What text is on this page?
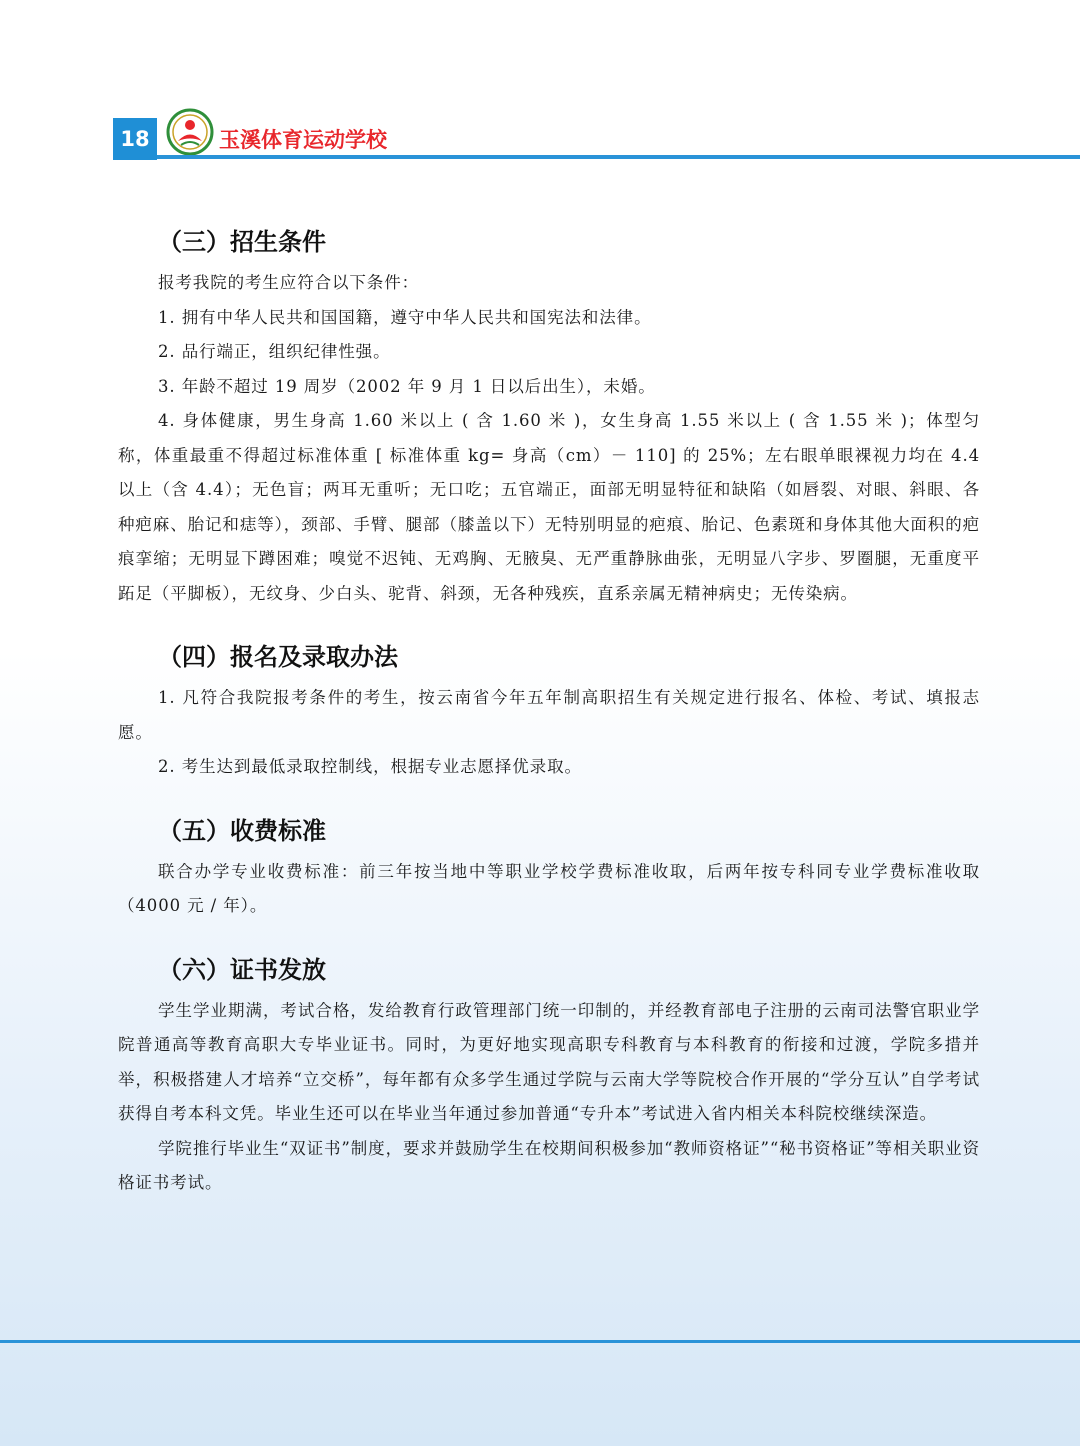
18	玉溪体育运动学校
（三）招生条件

报考我院的考生应符合以下条件：

1. 拥有中华人民共和国国籍，遵守中华人民共和国宪法和法律。

2. 品行端正，组织纪律性强。

3. 年龄不超过 19 周岁（2002 年 9 月 1 日以后出生），未婚。

4. 身体健康，男生身高 1.60 米以上 ( 含 1.60 米 )，女生身高 1.55 米以上 ( 含 1.55 米 )；体型匀称，体重最重不得超过标准体重 [ 标准体重 kg= 身高（cm）－ 110] 的 25%；左右眼单眼裸视力均在 4.4 以上（含 4.4）；无色盲；两耳无重听；无口吃；五官端正，面部无明显特征和缺陷（如唇裂、对眼、斜眼、各种疤麻、胎记和痣等），颈部、手臂、腿部（膝盖以下）无特别明显的疤痕、胎记、色素斑和身体其他大面积的疤痕挛缩；无明显下蹲困难；嗅觉不迟钝、无鸡胸、无腋臭、无严重静脉曲张，无明显八字步、罗圈腿，无重度平跖足（平脚板），无纹身、少白头、驼背、斜颈，无各种残疾，直系亲属无精神病史；无传染病。

（四）报名及录取办法

1. 凡符合我院报考条件的考生，按云南省今年五年制高职招生有关规定进行报名、体检、考试、填报志愿。

2. 考生达到最低录取控制线，根据专业志愿择优录取。

（五）收费标准

联合办学专业收费标准：前三年按当地中等职业学校学费标准收取，后两年按专科同专业学费标准收取（4000 元 / 年）。

（六）证书发放

学生学业期满，考试合格，发给教育行政管理部门统一印制的，并经教育部电子注册的云南司法警官职业学院普通高等教育高职大专毕业证书。同时，为更好地实现高职专科教育与本科教育的衔接和过渡，学院多措并举，积极搭建人才培养“立交桥”，每年都有众多学生通过学院与云南大学等院校合作开展的“学分互认”自学考试获得自考本科文凭。毕业生还可以在毕业当年通过参加普通“专升本”考试进入省内相关本科院校继续深造。

学院推行毕业生“双证书”制度，要求并鼓励学生在校期间积极参加“教师资格证”“秘书资格证”等相关职业资格证书考试。
